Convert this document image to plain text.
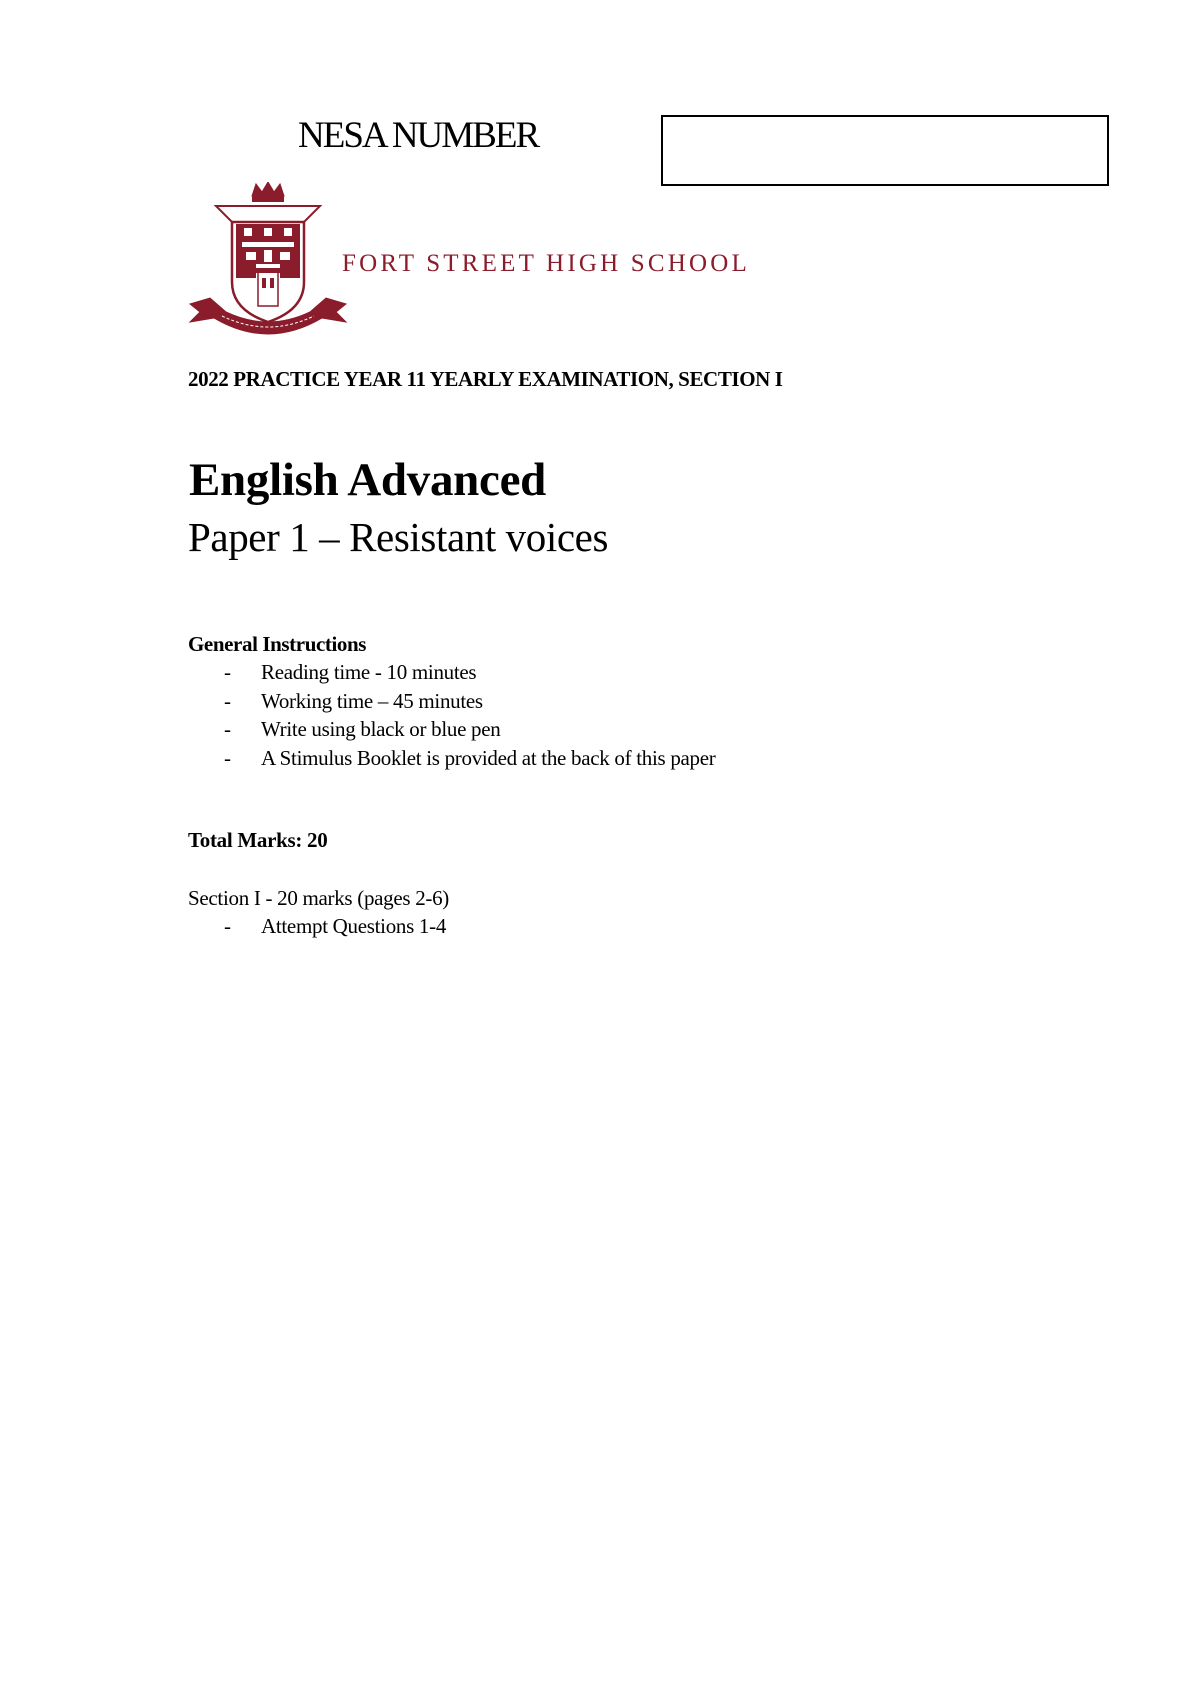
NESA NUMBER
FORT STREET HIGH SCHOOL
2022 PRACTICE YEAR 11 YEARLY EXAMINATION, SECTION I
English Advanced
Paper 1 – Resistant voices
General Instructions
- Reading time - 10 minutes
- Working time – 45 minutes
- Write using black or blue pen
- A Stimulus Booklet is provided at the back of this paper
Total Marks: 20
Section I - 20 marks (pages 2-6)
- Attempt Questions 1-4
